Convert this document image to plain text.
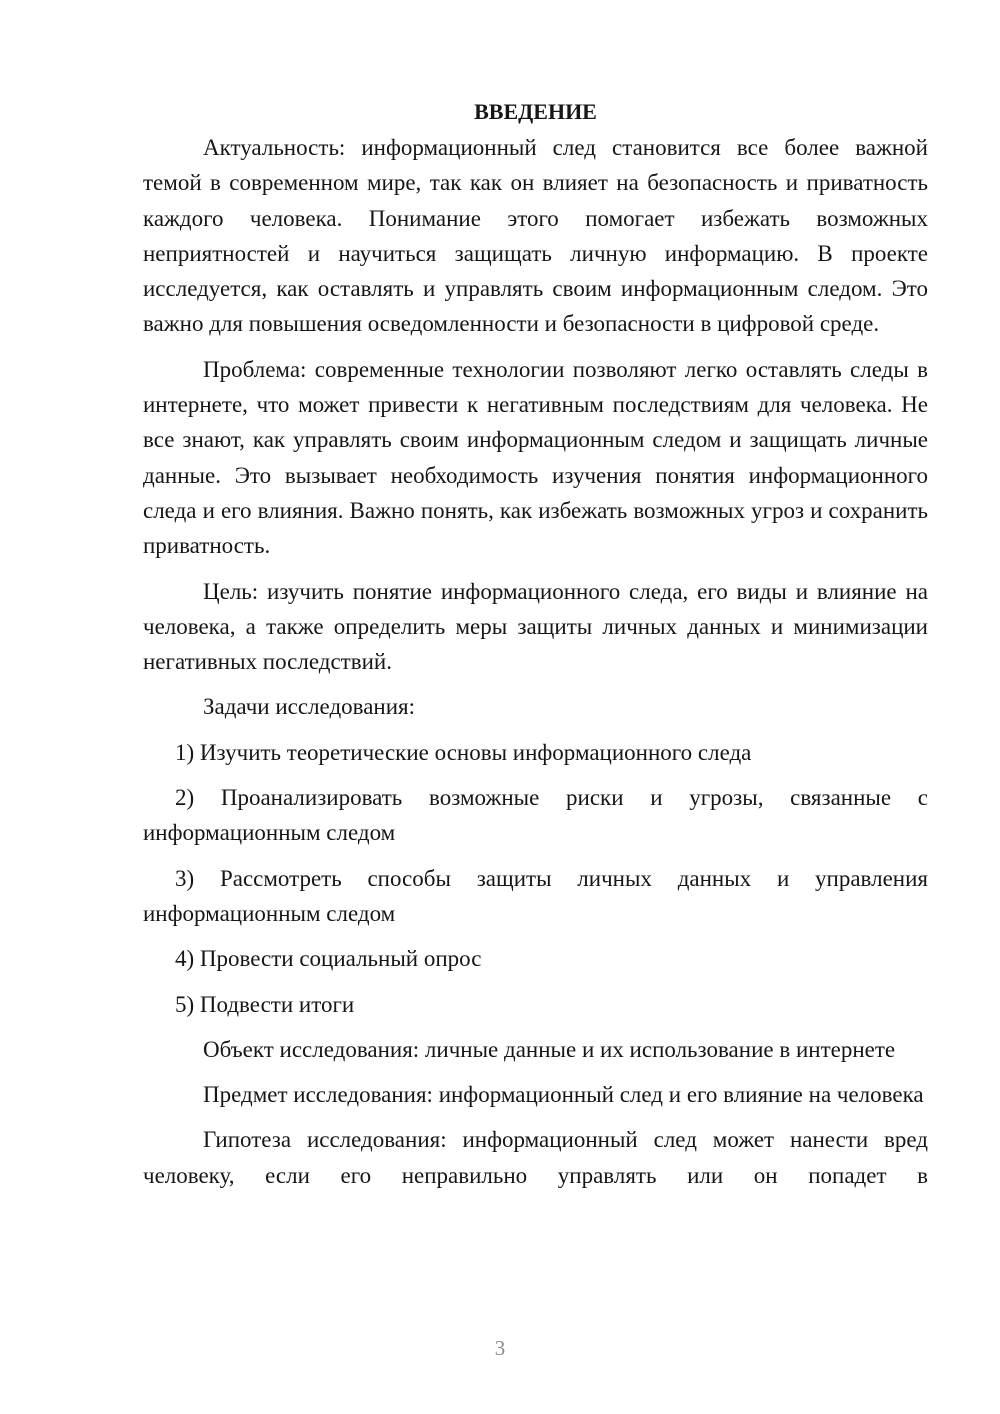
ВВЕДЕНИЕ

Актуальность: информационный след становится все более важной темой в современном мире, так как он влияет на безопасность и приватность каждого человека. Понимание этого помогает избежать возможных неприятностей и научиться защищать личную информацию. В проекте исследуется, как оставлять и управлять своим информационным следом. Это важно для повышения осведомленности и безопасности в цифровой среде.

Проблема: современные технологии позволяют легко оставлять следы в интернете, что может привести к негативным последствиям для человека. Не все знают, как управлять своим информационным следом и защищать личные данные. Это вызывает необходимость изучения понятия информационного следа и его влияния. Важно понять, как избежать возможных угроз и сохранить приватность.

Цель: изучить понятие информационного следа, его виды и влияние на человека, а также определить меры защиты личных данных и минимизации негативных последствий.

Задачи исследования:

1) Изучить теоретические основы информационного следа

2) Проанализировать возможные риски и угрозы, связанные с информационным следом

3) Рассмотреть способы защиты личных данных и управления информационным следом

4) Провести социальный опрос

5) Подвести итоги

Объект исследования: личные данные и их использование в интернете

Предмет исследования: информационный след и его влияние на человека

Гипотеза исследования: информационный след может нанести вред человеку, если его неправильно управлять или он попадет в

3
